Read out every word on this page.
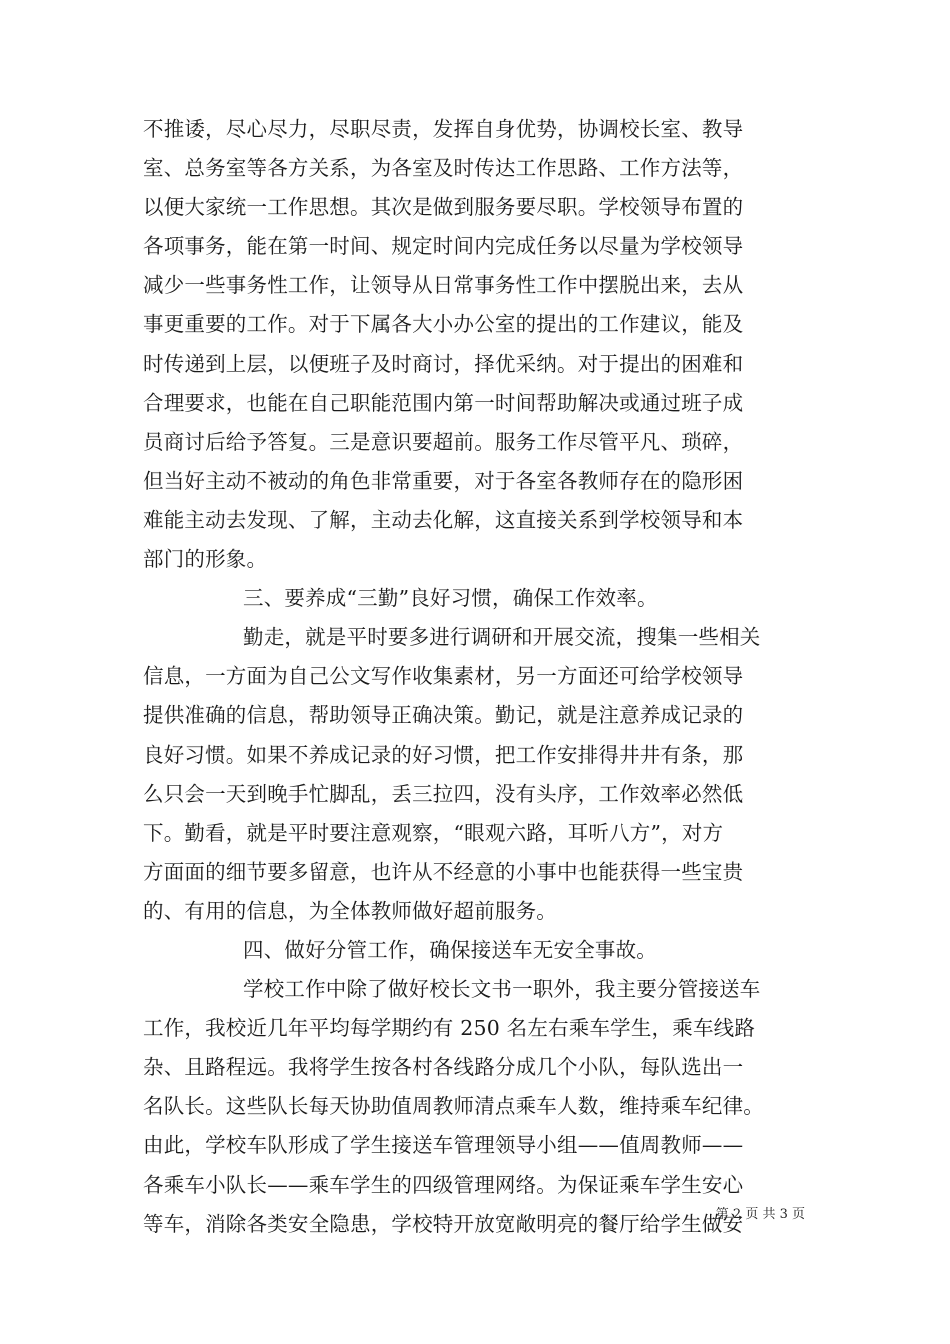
不推诿，尽心尽力，尽职尽责，发挥自身优势，协调校长室、教导
室、总务室等各方关系，为各室及时传达工作思路、工作方法等，
以便大家统一工作思想。其次是做到服务要尽职。学校领导布置的
各项事务，能在第一时间、规定时间内完成任务以尽量为学校领导
减少一些事务性工作，让领导从日常事务性工作中摆脱出来，去从
事更重要的工作。对于下属各大小办公室的提出的工作建议，能及
时传递到上层，以便班子及时商讨，择优采纳。对于提出的困难和
合理要求，也能在自己职能范围内第一时间帮助解决或通过班子成
员商讨后给予答复。三是意识要超前。服务工作尽管平凡、琐碎，
但当好主动不被动的角色非常重要，对于各室各教师存在的隐形困
难能主动去发现、了解，主动去化解，这直接关系到学校领导和本
部门的形象。
三、要养成“三勤”良好习惯，确保工作效率。
勤走，就是平时要多进行调研和开展交流，搜集一些相关
信息，一方面为自己公文写作收集素材，另一方面还可给学校领导
提供准确的信息，帮助领导正确决策。勤记，就是注意养成记录的
良好习惯。如果不养成记录的好习惯，把工作安排得井井有条，那
么只会一天到晚手忙脚乱，丢三拉四，没有头序，工作效率必然低
下。勤看，就是平时要注意观察，“眼观六路，耳听八方”，对方
方面面的细节要多留意，也许从不经意的小事中也能获得一些宝贵
的、有用的信息，为全体教师做好超前服务。
四、做好分管工作，确保接送车无安全事故。
学校工作中除了做好校长文书一职外，我主要分管接送车
工作，我校近几年平均每学期约有 250 名左右乘车学生，乘车线路
杂、且路程远。我将学生按各村各线路分成几个小队，每队选出一
名队长。这些队长每天协助值周教师清点乘车人数，维持乘车纪律。
由此，学校车队形成了学生接送车管理领导小组——值周教师——
各乘车小队长——乘车学生的四级管理网络。为保证乘车学生安心
等车，消除各类安全隐患，学校特开放宽敞明亮的餐厅给学生做安
第 2 页 共 3 页
